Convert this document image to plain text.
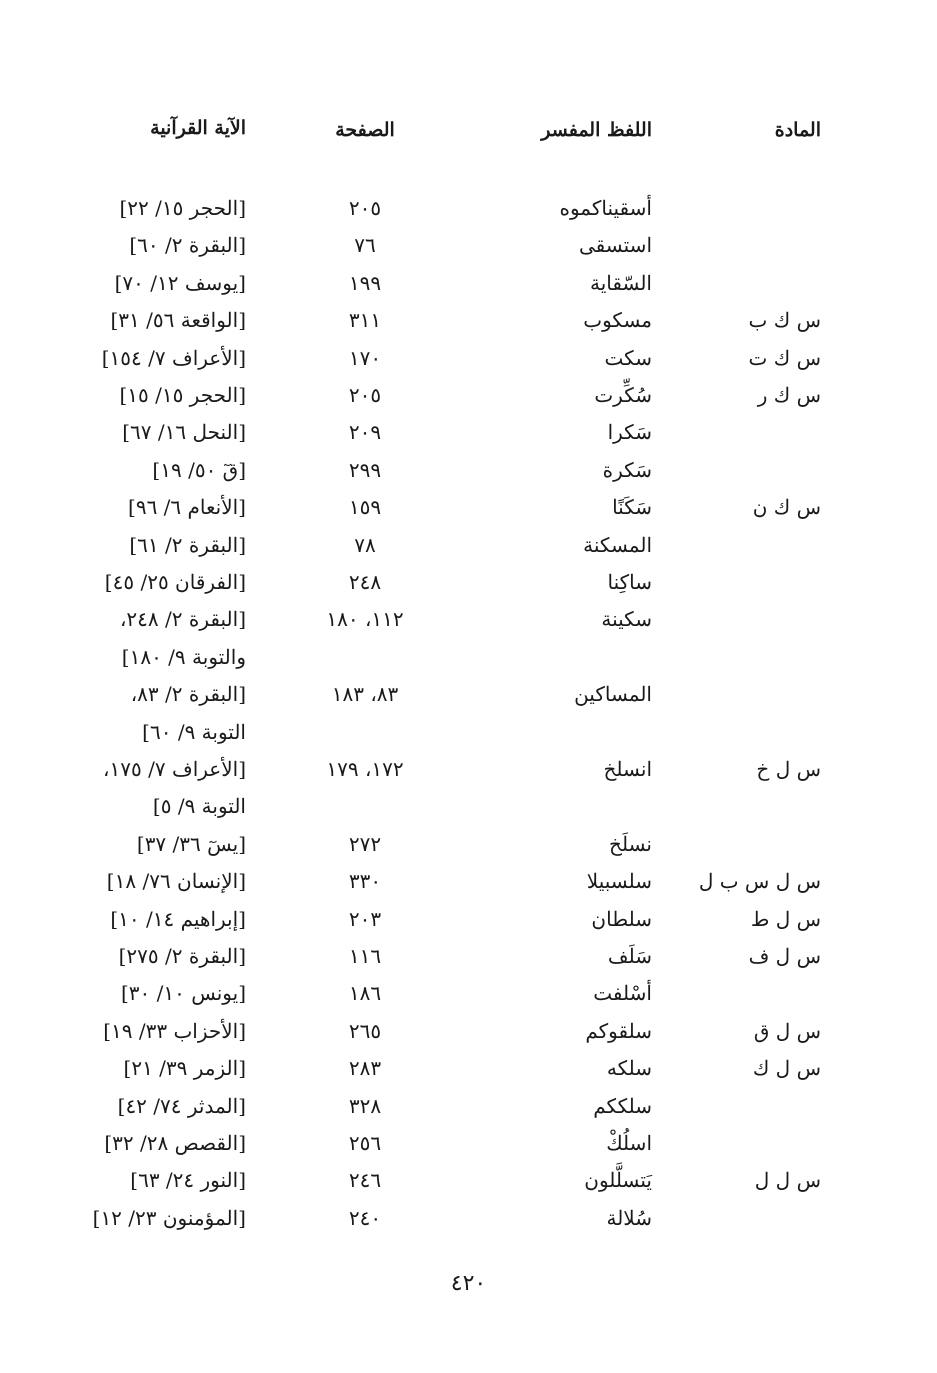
المادة
اللفظ المفسر
الصفحة
الآية القرآنية
أسقيناكموه
٢٠٥
[الحجر ١٥/ ٢٢]
استسقى
٧٦
[البقرة ٢/ ٦٠]
السّقاية
١٩٩
[يوسف ١٢/ ٧٠]
س ك ب
مسكوب
٣١١
[الواقعة ٥٦/ ٣١]
س ك ت
سكت
١٧٠
[الأعراف ٧/ ١٥٤]
س ك ر
سُكِّرت
٢٠٥
[الحجر ١٥/ ١٥]
سَكرا
٢٠٩
[النحل ١٦/ ٦٧]
سَكرة
٢٩٩
[قٓ ٥٠/ ١٩]
س ك ن
سَكَنًا
١٥٩
[الأنعام ٦/ ٩٦]
المسكنة
٧٨
[البقرة ٢/ ٦١]
ساكِنا
٢٤٨
[الفرقان ٢٥/ ٤٥]
سكينة
١١٢، ١٨٠
[البقرة ٢/ ٢٤٨،
والتوبة ٩/ ١٨٠]
المساكين
٨٣، ١٨٣
[البقرة ٢/ ٨٣،
التوبة ٩/ ٦٠]
س ل خ
انسلخ
١٧٢، ١٧٩
[الأعراف ٧/ ١٧٥،
التوبة ٩/ ٥]
نسلَخ
٢٧٢
[يسٓ ٣٦/ ٣٧]
س ل س ب ل
سلسبيلا
٣٣٠
[الإنسان ٧٦/ ١٨]
س ل ط
سلطان
٢٠٣
[إبراهيم ١٤/ ١٠]
س ل ف
سَلَف
١١٦
[البقرة ٢/ ٢٧٥]
أسْلفت
١٨٦
[يونس ١٠/ ٣٠]
س ل ق
سلقوكم
٢٦٥
[الأحزاب ٣٣/ ١٩]
س ل ك
سلكه
٢٨٣
[الزمر ٣٩/ ٢١]
سلككم
٣٢٨
[المدثر ٧٤/ ٤٢]
اسلُكْ
٢٥٦
[القصص ٢٨/ ٣٢]
س ل ل
يَتسلَّلون
٢٤٦
[النور ٢٤/ ٦٣]
سُلالة
٢٤٠
[المؤمنون ٢٣/ ١٢]
٤٢٠
